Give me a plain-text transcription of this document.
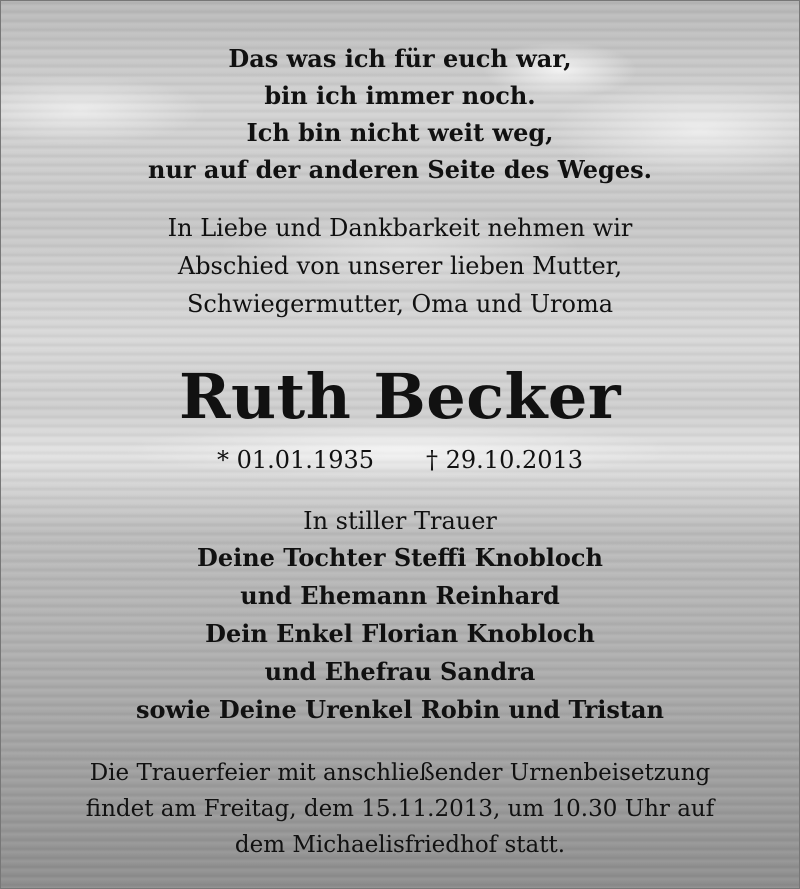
Das was ich für euch war,
bin ich immer noch.
Ich bin nicht weit weg,
nur auf der anderen Seite des Weges.
In Liebe und Dankbarkeit nehmen wir
Abschied von unserer lieben Mutter,
Schwiegermutter, Oma und Uroma
Ruth Becker
* 01.01.1935 † 29.10.2013
In stiller Trauer
Deine Tochter Steffi Knobloch
und Ehemann Reinhard
Dein Enkel Florian Knobloch
und Ehefrau Sandra
sowie Deine Urenkel Robin und Tristan
Die Trauerfeier mit anschließender Urnenbeisetzung
findet am Freitag, dem 15.11.2013, um 10.30 Uhr auf
dem Michaelisfriedhof statt.
